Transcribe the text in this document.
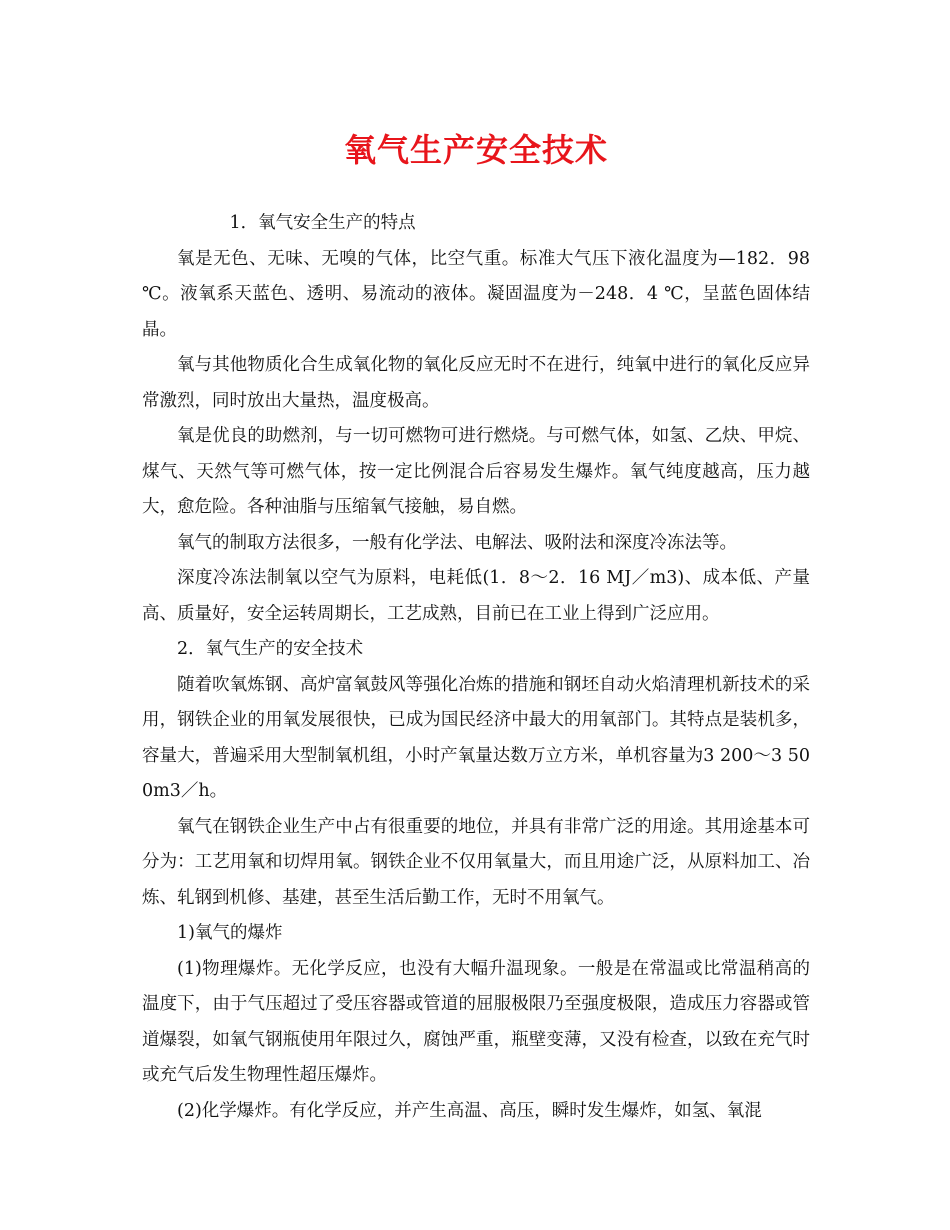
氧气生产安全技术

1．氧气安全生产的特点

氧是无色、无味、无嗅的气体，比空气重。标准大气压下液化温度为—182．98 ℃。液氧系天蓝色、透明、易流动的液体。凝固温度为－248．4 ℃，呈蓝色固体结晶。

氧与其他物质化合生成氧化物的氧化反应无时不在进行，纯氧中进行的氧化反应异常激烈，同时放出大量热，温度极高。

氧是优良的助燃剂，与一切可燃物可进行燃烧。与可燃气体，如氢、乙炔、甲烷、煤气、天然气等可燃气体，按一定比例混合后容易发生爆炸。氧气纯度越高，压力越大，愈危险。各种油脂与压缩氧气接触，易自燃。

氧气的制取方法很多，一般有化学法、电解法、吸附法和深度冷冻法等。

深度冷冻法制氧以空气为原料，电耗低(1．8～2．16 MJ／m3)、成本低、产量高、质量好，安全运转周期长，工艺成熟，目前已在工业上得到广泛应用。

2．氧气生产的安全技术

随着吹氧炼钢、高炉富氧鼓风等强化冶炼的措施和钢坯自动火焰清理机新技术的采用，钢铁企业的用氧发展很快，已成为国民经济中最大的用氧部门。其特点是装机多，容量大，普遍采用大型制氧机组，小时产氧量达数万立方米，单机容量为3 200～3 500m3／h。

氧气在钢铁企业生产中占有很重要的地位，并具有非常广泛的用途。其用途基本可分为：工艺用氧和切焊用氧。钢铁企业不仅用氧量大，而且用途广泛，从原料加工、冶炼、轧钢到机修、基建，甚至生活后勤工作，无时不用氧气。

1)氧气的爆炸

(1)物理爆炸。无化学反应，也没有大幅升温现象。一般是在常温或比常温稍高的温度下，由于气压超过了受压容器或管道的屈服极限乃至强度极限，造成压力容器或管道爆裂，如氧气钢瓶使用年限过久，腐蚀严重，瓶壁变薄，又没有检查，以致在充气时或充气后发生物理性超压爆炸。

(2)化学爆炸。有化学反应，并产生高温、高压，瞬时发生爆炸，如氢、氧混
